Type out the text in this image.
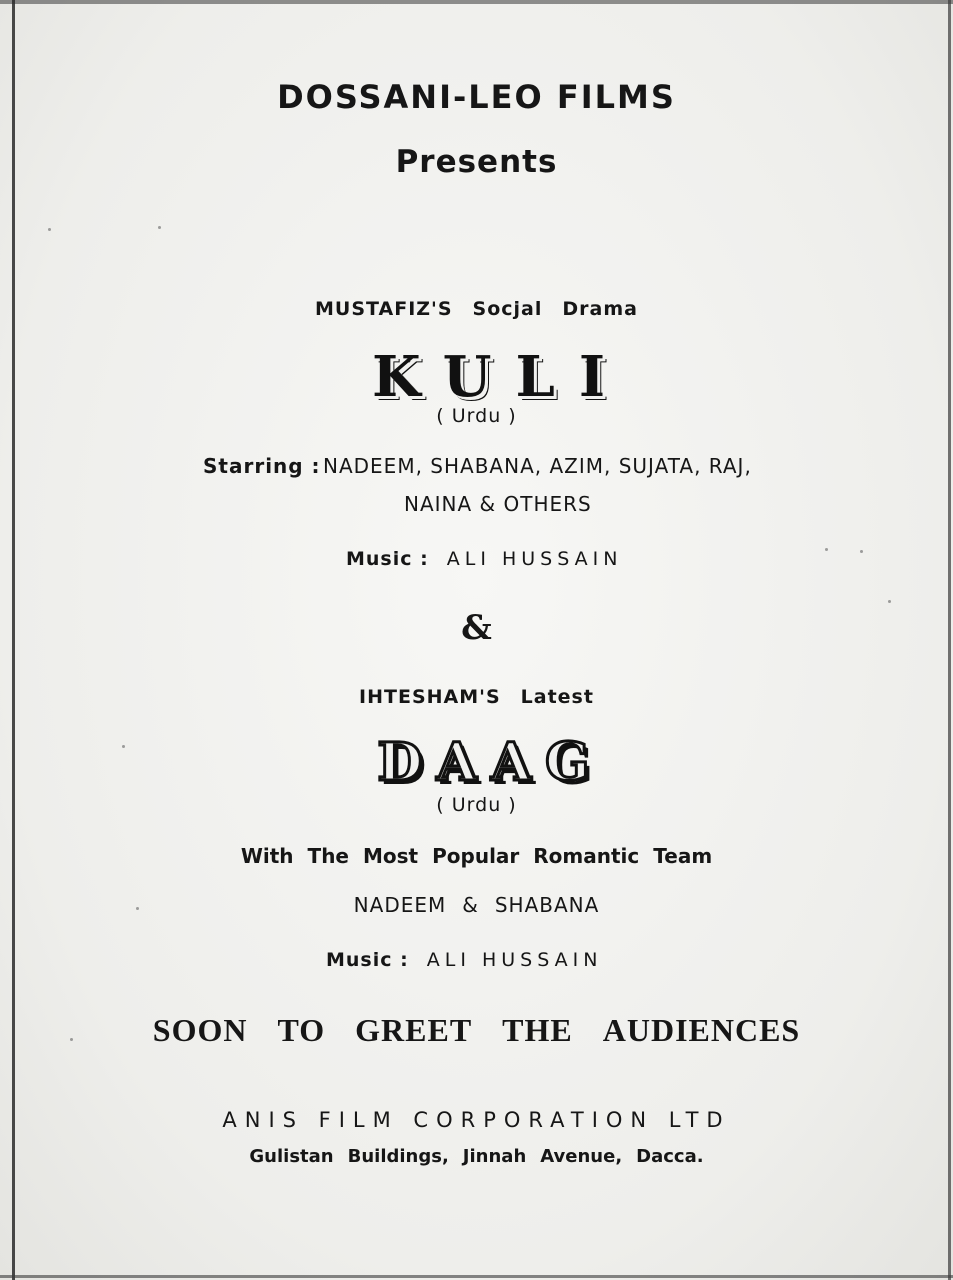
DOSSANI-LEO FILMS
Presents
MUSTAFIZ'S Socjal Drama
KULI
( Urdu )
Starring : NADEEM, SHABANA, AZIM, SUJATA, RAJ,
NAINA & OTHERS
Music : ALI HUSSAIN
&
IHTESHAM'S Latest
DAAG
( Urdu )
With The Most Popular Romantic Team
NADEEM & SHABANA
Music : ALI HUSSAIN
SOON TO GREET THE AUDIENCES
ANIS FILM CORPORATION LTD
Gulistan Buildings, Jinnah Avenue, Dacca.
